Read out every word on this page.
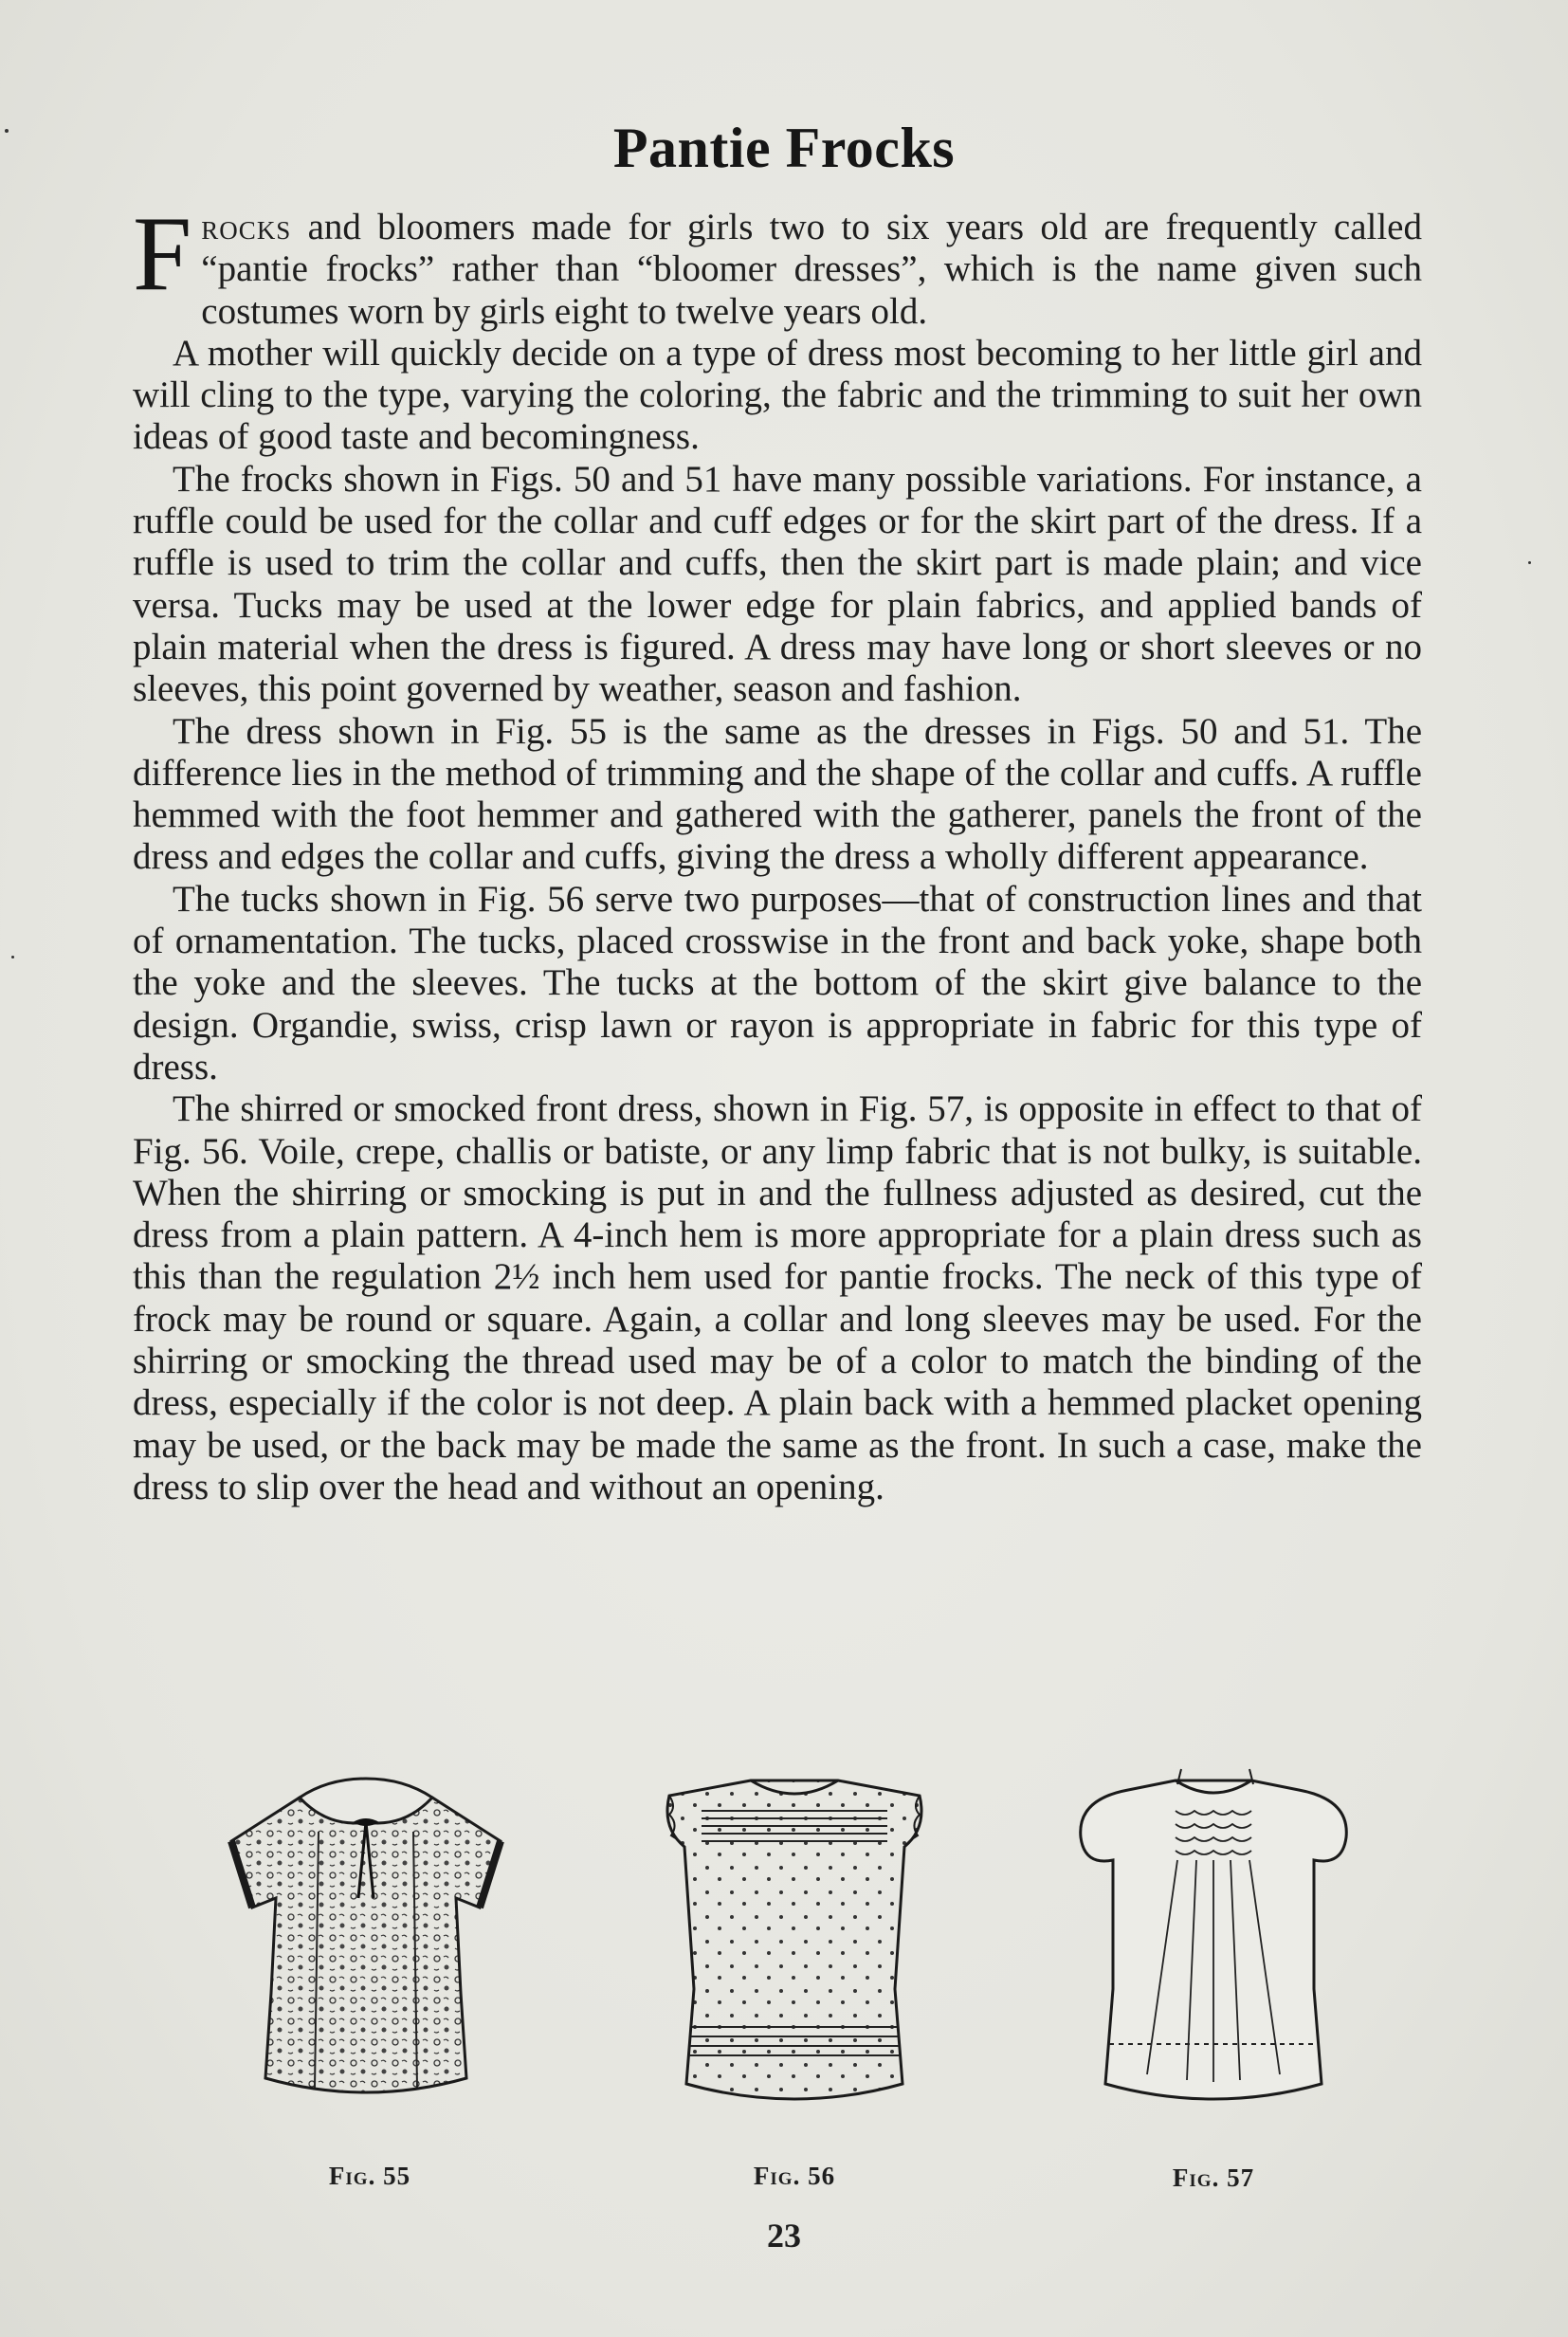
Pantie Frocks

Frocks and bloomers made for girls two to six years old are frequently called “pantie frocks” rather than “bloomer dresses”, which is the name given such costumes worn by girls eight to twelve years old.

A mother will quickly decide on a type of dress most becoming to her little girl and will cling to the type, varying the coloring, the fabric and the trimming to suit her own ideas of good taste and becomingness.

The frocks shown in Figs. 50 and 51 have many possible variations. For instance, a ruffle could be used for the collar and cuff edges or for the skirt part of the dress. If a ruffle is used to trim the collar and cuffs, then the skirt part is made plain; and vice versa. Tucks may be used at the lower edge for plain fabrics, and applied bands of plain material when the dress is figured. A dress may have long or short sleeves or no sleeves, this point governed by weather, season and fashion.

The dress shown in Fig. 55 is the same as the dresses in Figs. 50 and 51. The difference lies in the method of trimming and the shape of the collar and cuffs. A ruffle hemmed with the foot hemmer and gathered with the gatherer, panels the front of the dress and edges the collar and cuffs, giving the dress a wholly different appearance.

The tucks shown in Fig. 56 serve two purposes—that of construction lines and that of ornamentation. The tucks, placed crosswise in the front and back yoke, shape both the yoke and the sleeves. The tucks at the bottom of the skirt give balance to the design. Organdie, swiss, crisp lawn or rayon is appropriate in fabric for this type of dress.

The shirred or smocked front dress, shown in Fig. 57, is opposite in effect to that of Fig. 56. Voile, crepe, challis or batiste, or any limp fabric that is not bulky, is suitable. When the shirring or smocking is put in and the fullness adjusted as desired, cut the dress from a plain pattern. A 4-inch hem is more appropriate for a plain dress such as this than the regulation 2½ inch hem used for pantie frocks. The neck of this type of frock may be round or square. Again, a collar and long sleeves may be used. For the shirring or smocking the thread used may be of a color to match the binding of the dress, especially if the color is not deep. A plain back with a hemmed placket opening may be used, or the back may be made the same as the front. In such a case, make the dress to slip over the head and without an opening.

Fig. 55	Fig. 56	Fig. 57
23
